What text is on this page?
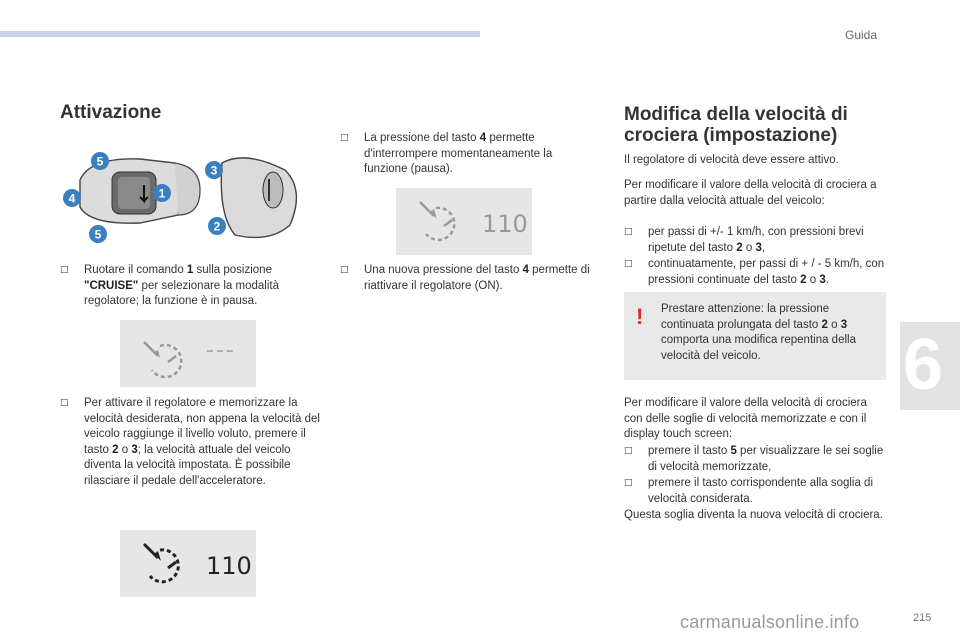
Guida
Attivazione
5
4
5
1
3
2
□ Ruotare il comando 1 sulla posizione "CRUISE" per selezionare la modalità regolatore; la funzione è in pausa.
---
□ Per attivare il regolatore e memorizzare la velocità desiderata, non appena la velocità del veicolo raggiunge il livello voluto, premere il tasto 2 o 3; la velocità attuale del veicolo diventa la velocità impostata. È possibile rilasciare il pedale dell'acceleratore.
110
□ La pressione del tasto 4 permette d'interrompere momentaneamente la funzione (pausa).
110
□ Una nuova pressione del tasto 4 permette di riattivare il regolatore (ON).
Modifica della velocità di crociera (impostazione)
Il regolatore di velocità deve essere attivo.
Per modificare il valore della velocità di crociera a partire dalla velocità attuale del veicolo:
□ per passi di +/- 1 km/h, con pressioni brevi ripetute del tasto 2 o 3,
□ continuatamente, per passi di + / - 5 km/h, con pressioni continuate del tasto 2 o 3.
! Prestare attenzione: la pressione continuata prolungata del tasto 2 o 3 comporta una modifica repentina della velocità del veicolo.
Per modificare il valore della velocità di crociera con delle soglie di velocità memorizzate e con il display touch screen:
□ premere il tasto 5 per visualizzare le sei soglie di velocità memorizzate,
□ premere il tasto corrispondente alla soglia di velocità considerata.
Questa soglia diventa la nuova velocità di crociera.
6
carmanualsonline.info	215
